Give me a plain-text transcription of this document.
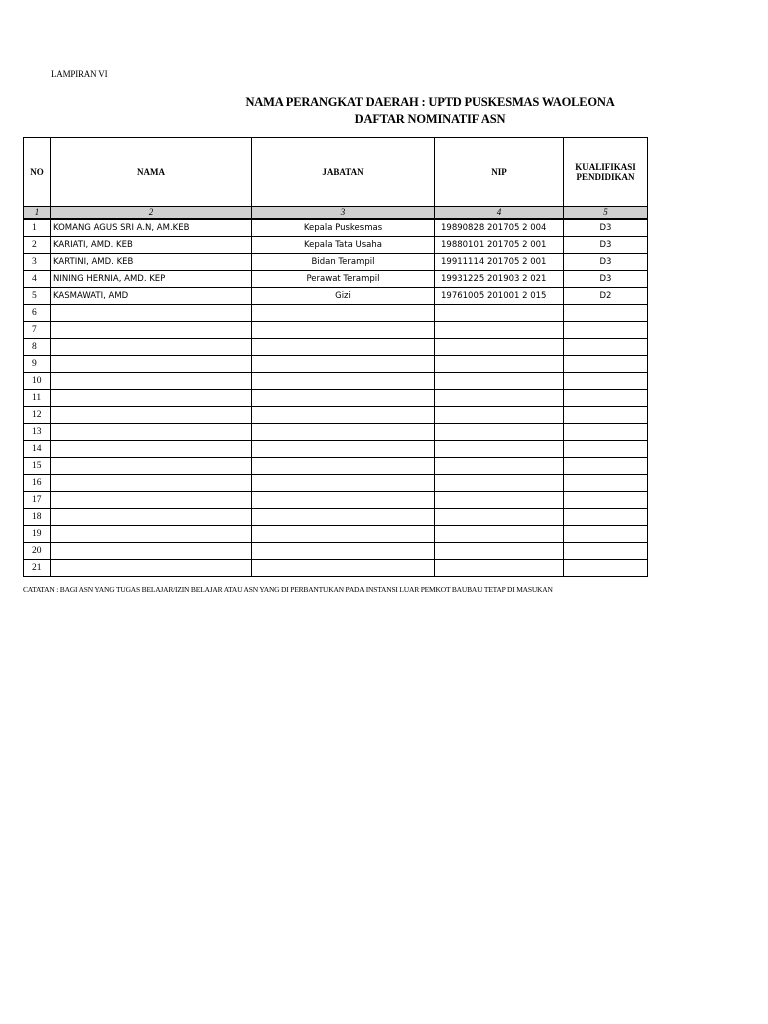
LAMPIRAN VI
NAMA PERANGKAT DAERAH : UPTD PUSKESMAS WAOLEONA
DAFTAR NOMINATIF ASN
NO	NAMA	JABATAN	NIP	KUALIFIKASI PENDIDIKAN
1	2	3	4	5
1	KOMANG AGUS SRI A.N, AM.KEB	Kepala Puskesmas	19890828 201705 2 004	D3
2	KARIATI, AMD. KEB	Kepala Tata Usaha	19880101 201705 2 001	D3
3	KARTINI, AMD. KEB	Bidan Terampil	19911114 201705 2 001	D3
4	NINING HERNIA, AMD. KEP	Perawat Terampil	19931225 201903 2 021	D3
5	KASMAWATI, AMD	Gizi	19761005 201001 2 015	D2
6				
7				
8				
9				
10				
11				
12				
13				
14				
15				
16				
17				
18				
19				
20				
21				
CATATAN : BAGI ASN YANG TUGAS BELAJAR/IZIN BELAJAR ATAU ASN YANG DI PERBANTUKAN PADA INSTANSI LUAR PEMKOT BAUBAU TETAP DI MASUKAN
